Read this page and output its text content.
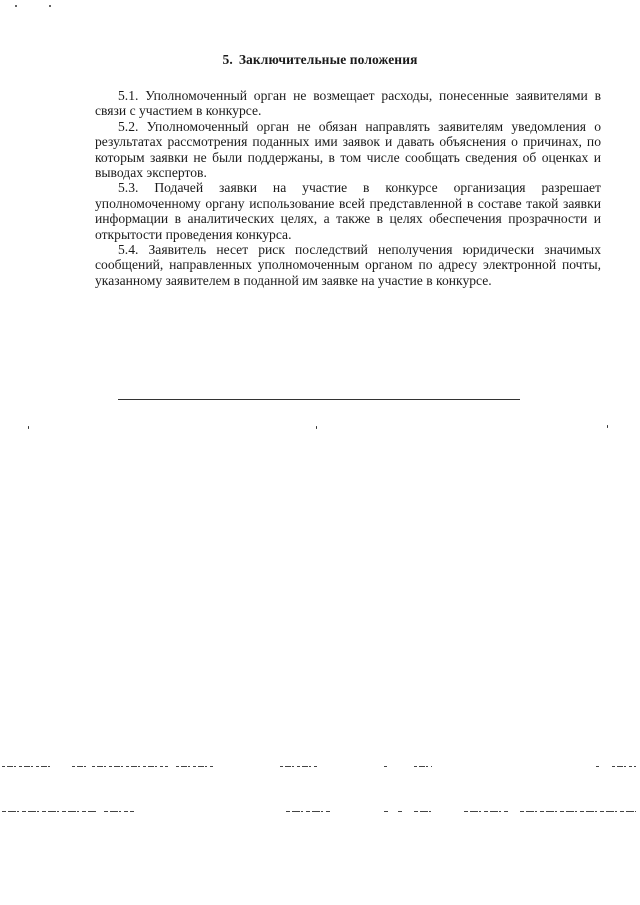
5. Заключительные положения

5.1. Уполномоченный орган не возмещает расходы, понесенные заявителями в связи с участием в конкурсе.

5.2. Уполномоченный орган не обязан направлять заявителям уведомления о результатах рассмотрения поданных ими заявок и давать объяснения о причинах, по которым заявки не были поддержаны, в том числе сообщать сведения об оценках и выводах экспертов.

5.3. Подачей заявки на участие в конкурсе организация разрешает уполномоченному органу использование всей представленной в составе такой заявки информации в аналитических целях, а также в целях обеспечения прозрачности и открытости проведения конкурса.

5.4. Заявитель несет риск последствий неполучения юридически значимых сообщений, направленных уполномоченным органом по адресу электронной почты, указанному заявителем в поданной им заявке на участие в конкурсе.
